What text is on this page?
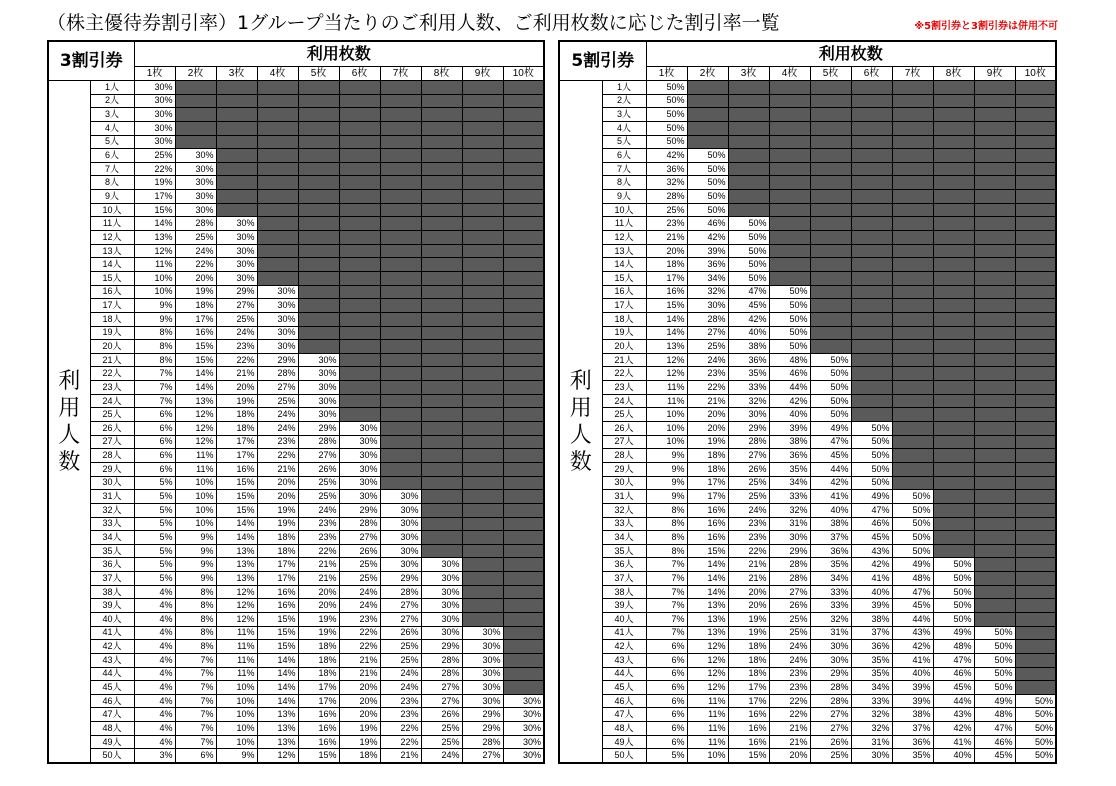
（株主優待券割引率）1グループ当たりのご利用人数、ご利用枚数に応じた割引率一覧	※5割引券と3割引券は併用不可
3割引券		利用枚数									
		1枚	2枚	3枚	4枚	5枚	6枚	7枚	8枚	9枚	10枚
利用人数	1人	30%									
	2人	30%									
	3人	30%									
	4人	30%									
	5人	30%									
	6人	25%	30%								
	7人	22%	30%								
	8人	19%	30%								
	9人	17%	30%								
	10人	15%	30%								
	11人	14%	28%	30%							
	12人	13%	25%	30%							
	13人	12%	24%	30%							
	14人	11%	22%	30%							
	15人	10%	20%	30%							
	16人	10%	19%	29%	30%						
	17人	9%	18%	27%	30%						
	18人	9%	17%	25%	30%						
	19人	8%	16%	24%	30%						
	20人	8%	15%	23%	30%						
	21人	8%	15%	22%	29%	30%					
	22人	7%	14%	21%	28%	30%					
	23人	7%	14%	20%	27%	30%					
	24人	7%	13%	19%	25%	30%					
	25人	6%	12%	18%	24%	30%					
	26人	6%	12%	18%	24%	29%	30%				
	27人	6%	12%	17%	23%	28%	30%				
	28人	6%	11%	17%	22%	27%	30%				
	29人	6%	11%	16%	21%	26%	30%				
	30人	5%	10%	15%	20%	25%	30%				
	31人	5%	10%	15%	20%	25%	30%	30%			
	32人	5%	10%	15%	19%	24%	29%	30%			
	33人	5%	10%	14%	19%	23%	28%	30%			
	34人	5%	9%	14%	18%	23%	27%	30%			
	35人	5%	9%	13%	18%	22%	26%	30%			
	36人	5%	9%	13%	17%	21%	25%	30%	30%		
	37人	5%	9%	13%	17%	21%	25%	29%	30%		
	38人	4%	8%	12%	16%	20%	24%	28%	30%		
	39人	4%	8%	12%	16%	20%	24%	27%	30%		
	40人	4%	8%	12%	15%	19%	23%	27%	30%		
	41人	4%	8%	11%	15%	19%	22%	26%	30%	30%	
	42人	4%	8%	11%	15%	18%	22%	25%	29%	30%	
	43人	4%	7%	11%	14%	18%	21%	25%	28%	30%	
	44人	4%	7%	11%	14%	18%	21%	24%	28%	30%	
	45人	4%	7%	10%	14%	17%	20%	24%	27%	30%	
	46人	4%	7%	10%	14%	17%	20%	23%	27%	30%	30%
	47人	4%	7%	10%	13%	16%	20%	23%	26%	29%	30%
	48人	4%	7%	10%	13%	16%	19%	22%	25%	29%	30%
	49人	4%	7%	10%	13%	16%	19%	22%	25%	28%	30%
	50人	3%	6%	9%	12%	15%	18%	21%	24%	27%	30%
5割引券		利用枚数									
		1枚	2枚	3枚	4枚	5枚	6枚	7枚	8枚	9枚	10枚
利用人数	1人	50%									
	2人	50%									
	3人	50%									
	4人	50%									
	5人	50%									
	6人	42%	50%								
	7人	36%	50%								
	8人	32%	50%								
	9人	28%	50%								
	10人	25%	50%								
	11人	23%	46%	50%							
	12人	21%	42%	50%							
	13人	20%	39%	50%							
	14人	18%	36%	50%							
	15人	17%	34%	50%							
	16人	16%	32%	47%	50%						
	17人	15%	30%	45%	50%						
	18人	14%	28%	42%	50%						
	19人	14%	27%	40%	50%						
	20人	13%	25%	38%	50%						
	21人	12%	24%	36%	48%	50%					
	22人	12%	23%	35%	46%	50%					
	23人	11%	22%	33%	44%	50%					
	24人	11%	21%	32%	42%	50%					
	25人	10%	20%	30%	40%	50%					
	26人	10%	20%	29%	39%	49%	50%				
	27人	10%	19%	28%	38%	47%	50%				
	28人	9%	18%	27%	36%	45%	50%				
	29人	9%	18%	26%	35%	44%	50%				
	30人	9%	17%	25%	34%	42%	50%				
	31人	9%	17%	25%	33%	41%	49%	50%			
	32人	8%	16%	24%	32%	40%	47%	50%			
	33人	8%	16%	23%	31%	38%	46%	50%			
	34人	8%	16%	23%	30%	37%	45%	50%			
	35人	8%	15%	22%	29%	36%	43%	50%			
	36人	7%	14%	21%	28%	35%	42%	49%	50%		
	37人	7%	14%	21%	28%	34%	41%	48%	50%		
	38人	7%	14%	20%	27%	33%	40%	47%	50%		
	39人	7%	13%	20%	26%	33%	39%	45%	50%		
	40人	7%	13%	19%	25%	32%	38%	44%	50%		
	41人	7%	13%	19%	25%	31%	37%	43%	49%	50%	
	42人	6%	12%	18%	24%	30%	36%	42%	48%	50%	
	43人	6%	12%	18%	24%	30%	35%	41%	47%	50%	
	44人	6%	12%	18%	23%	29%	35%	40%	46%	50%	
	45人	6%	12%	17%	23%	28%	34%	39%	45%	50%	
	46人	6%	11%	17%	22%	28%	33%	39%	44%	49%	50%
	47人	6%	11%	16%	22%	27%	32%	38%	43%	48%	50%
	48人	6%	11%	16%	21%	27%	32%	37%	42%	47%	50%
	49人	6%	11%	16%	21%	26%	31%	36%	41%	46%	50%
	50人	5%	10%	15%	20%	25%	30%	35%	40%	45%	50%
